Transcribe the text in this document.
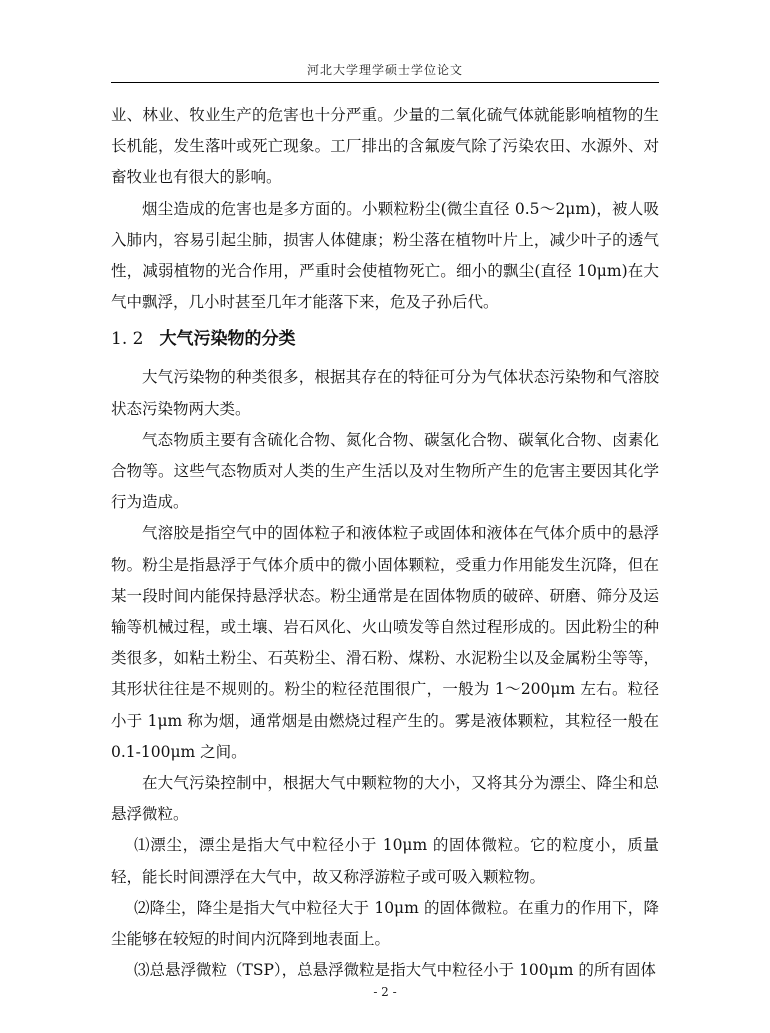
河北大学理学硕士学位论文

业、林业、牧业生产的危害也十分严重。少量的二氧化硫气体就能影响植物的生长机能，发生落叶或死亡现象。工厂排出的含氟废气除了污染农田、水源外、对畜牧业也有很大的影响。

烟尘造成的危害也是多方面的。小颗粒粉尘(微尘直径 0.5～2μm)，被人吸入肺内，容易引起尘肺，损害人体健康；粉尘落在植物叶片上，减少叶子的透气性，减弱植物的光合作用，严重时会使植物死亡。细小的飘尘(直径 10μm)在大气中飘浮，几小时甚至几年才能落下来，危及子孙后代。

1. 2 大气污染物的分类

大气污染物的种类很多，根据其存在的特征可分为气体状态污染物和气溶胶状态污染物两大类。

气态物质主要有含硫化合物、氮化合物、碳氢化合物、碳氧化合物、卤素化合物等。这些气态物质对人类的生产生活以及对生物所产生的危害主要因其化学行为造成。

气溶胶是指空气中的固体粒子和液体粒子或固体和液体在气体介质中的悬浮物。粉尘是指悬浮于气体介质中的微小固体颗粒，受重力作用能发生沉降，但在某一段时间内能保持悬浮状态。粉尘通常是在固体物质的破碎、研磨、筛分及运输等机械过程，或土壤、岩石风化、火山喷发等自然过程形成的。因此粉尘的种类很多，如粘土粉尘、石英粉尘、滑石粉、煤粉、水泥粉尘以及金属粉尘等等，其形状往往是不规则的。粉尘的粒径范围很广，一般为 1～200μm 左右。粒径小于 1μm 称为烟，通常烟是由燃烧过程产生的。雾是液体颗粒，其粒径一般在 0.1-100μm 之间。

在大气污染控制中，根据大气中颗粒物的大小，又将其分为漂尘、降尘和总悬浮微粒。

⑴漂尘，漂尘是指大气中粒径小于 10μm 的固体微粒。它的粒度小，质量轻，能长时间漂浮在大气中，故又称浮游粒子或可吸入颗粒物。

⑵降尘，降尘是指大气中粒径大于 10μm 的固体微粒。在重力的作用下，降尘能够在较短的时间内沉降到地表面上。

⑶总悬浮微粒（TSP），总悬浮微粒是指大气中粒径小于 100μm 的所有固体

- 2 -
